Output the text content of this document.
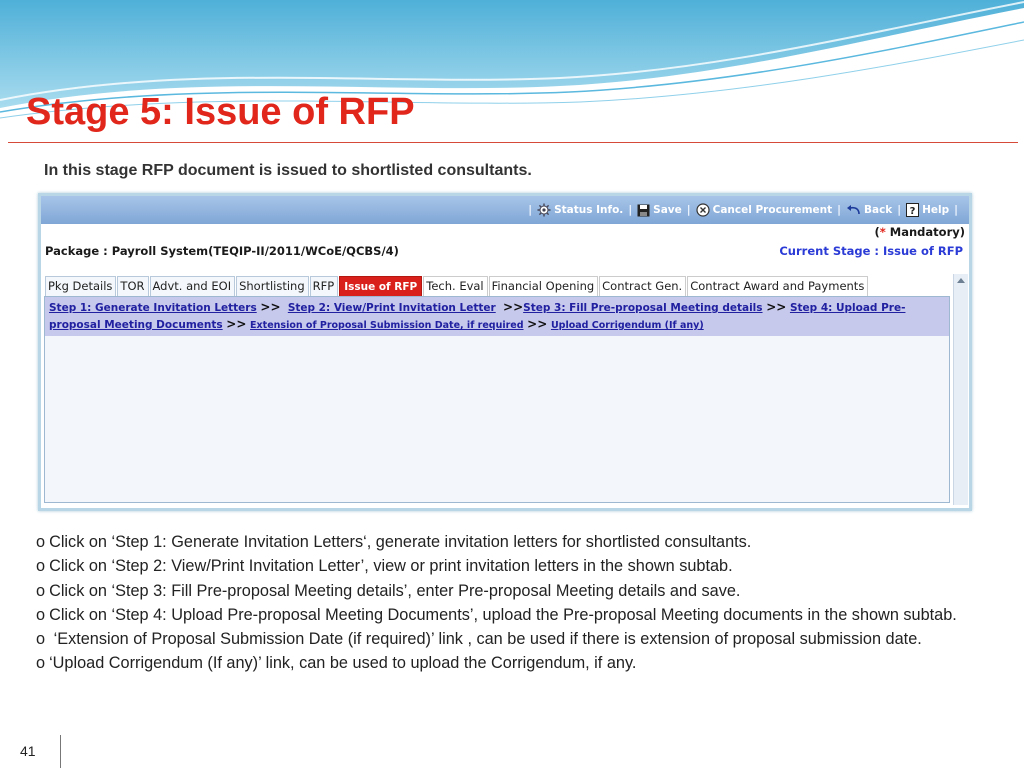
Stage 5: Issue of RFP
In this stage RFP document is issued to shortlisted consultants.
| Status Info. | Save | Cancel Procurement | Back | ? Help |
(* Mandatory)
Package : Payroll System(TEQIP-II/2011/WCoE/QCBS/4)	Current Stage : Issue of RFP
Pkg Details TOR Advt. and EOI Shortlisting RFP Issue of RFP Tech. Eval Financial Opening Contract Gen. Contract Award and Payments
Step 1: Generate Invitation Letters >> Step 2: View/Print Invitation Letter >>Step 3: Fill Pre-proposal Meeting details >> Step 4: Upload Pre-
proposal Meeting Documents >> Extension of Proposal Submission Date, if required >> Upload Corrigendum (If any)

o Click on ‘Step 1: Generate Invitation Letters‘, generate invitation letters for shortlisted consultants.

o Click on ‘Step 2: View/Print Invitation Letter’, view or print invitation letters in the shown subtab.

o Click on ‘Step 3: Fill Pre-proposal Meeting details’, enter Pre-proposal Meeting details and save.

o Click on ‘Step 4: Upload Pre-proposal Meeting Documents’, upload the Pre-proposal Meeting documents in the shown subtab.

o ‘Extension of Proposal Submission Date (if required)’ link , can be used if there is extension of proposal submission date.

o ‘Upload Corrigendum (If any)’ link, can be used to upload the Corrigendum, if any.

41
